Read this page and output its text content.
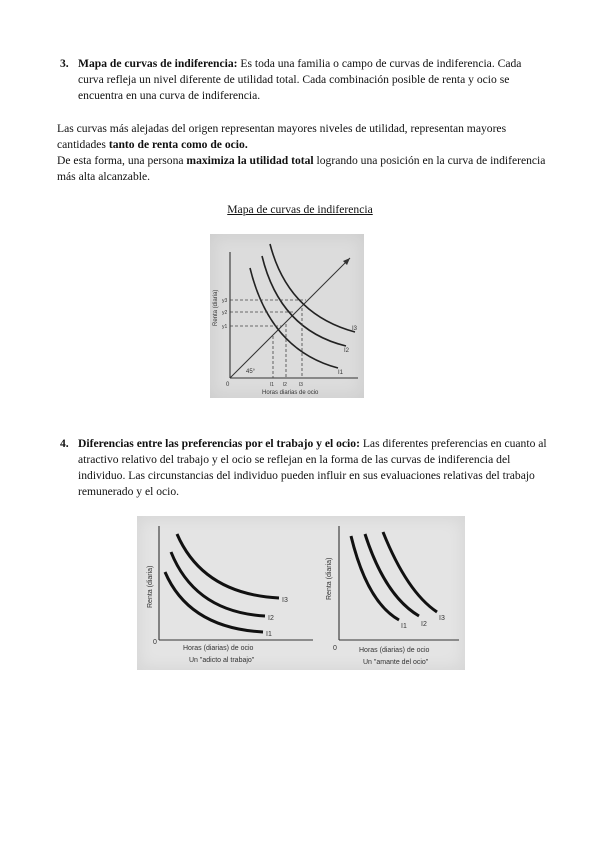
3. Mapa de curvas de indiferencia: Es toda una familia o campo de curvas de indiferencia. Cada curva refleja un nivel diferente de utilidad total. Cada combinación posible de renta y ocio se encuentra en una curva de indiferencia.
Las curvas más alejadas del origen representan mayores niveles de utilidad, representan mayores cantidades tanto de renta como de ocio.
De esta forma, una persona maximiza la utilidad total logrando una posición en la curva de indiferencia más alta alcanzable.
Mapa de curvas de indiferencia
Renta (diaria)
Horas diarias de ocio
0
45°
I3
I2
I1
l1 l2 l3
y3
y2
y1
4. Diferencias entre las preferencias por el trabajo y el ocio: Las diferentes preferencias en cuanto al atractivo relativo del trabajo y el ocio se reflejan en la forma de las curvas de indiferencia del individuo. Las circunstancias del individuo pueden influir en sus evaluaciones relativas del trabajo remunerado y el ocio.
Renta (diaria)
0
I3
I2
I1
Horas (diarias) de ocio
Un "adicto al trabajo"
Renta (diaria)
0
I1 I2
I3
Horas (diarias) de ocio
Un "amante del ocio"
